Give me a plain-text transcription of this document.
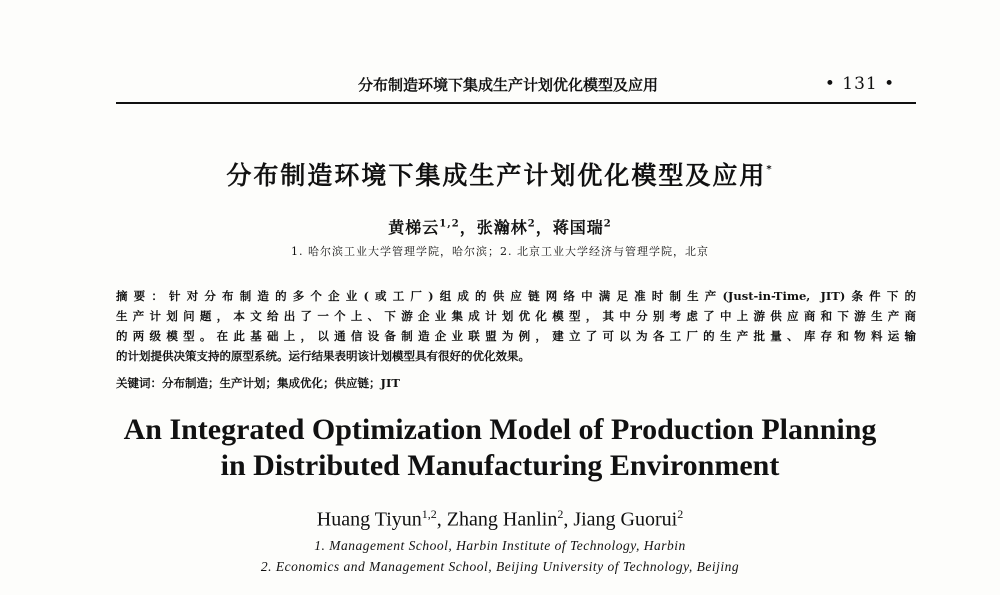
分布制造环境下集成生产计划优化模型及应用	• 131 •
分布制造环境下集成生产计划优化模型及应用*
黄梯云$^{1,2}$，张瀚林$^2$，蒋国瑞$^2$
1. 哈尔滨工业大学管理学院，哈尔滨；2. 北京工业大学经济与管理学院，北京
摘要：针对分布制造的多个企业(或工厂)组成的供应链网络中满足准时制生产(Just-in-Time, JIT)条件下的
生产计划问题，本文给出了一个上、下游企业集成计划优化模型，其中分别考虑了中上游供应商和下游生产商
的两级模型。在此基础上，以通信设备制造企业联盟为例，建立了可以为各工厂的生产批量、库存和物料运输
的计划提供决策支持的原型系统。运行结果表明该计划模型具有很好的优化效果。
关键词：分布制造；生产计划；集成优化；供应链；JIT
An Integrated Optimization Model of Production Planning
in Distributed Manufacturing Environment
Huang Tiyun$^{1,2}$, Zhang Hanlin$^2$, Jiang Guorui$^2$
1. Management School, Harbin Institute of Technology, Harbin
2. Economics and Management School, Beijing University of Technology, Beijing
